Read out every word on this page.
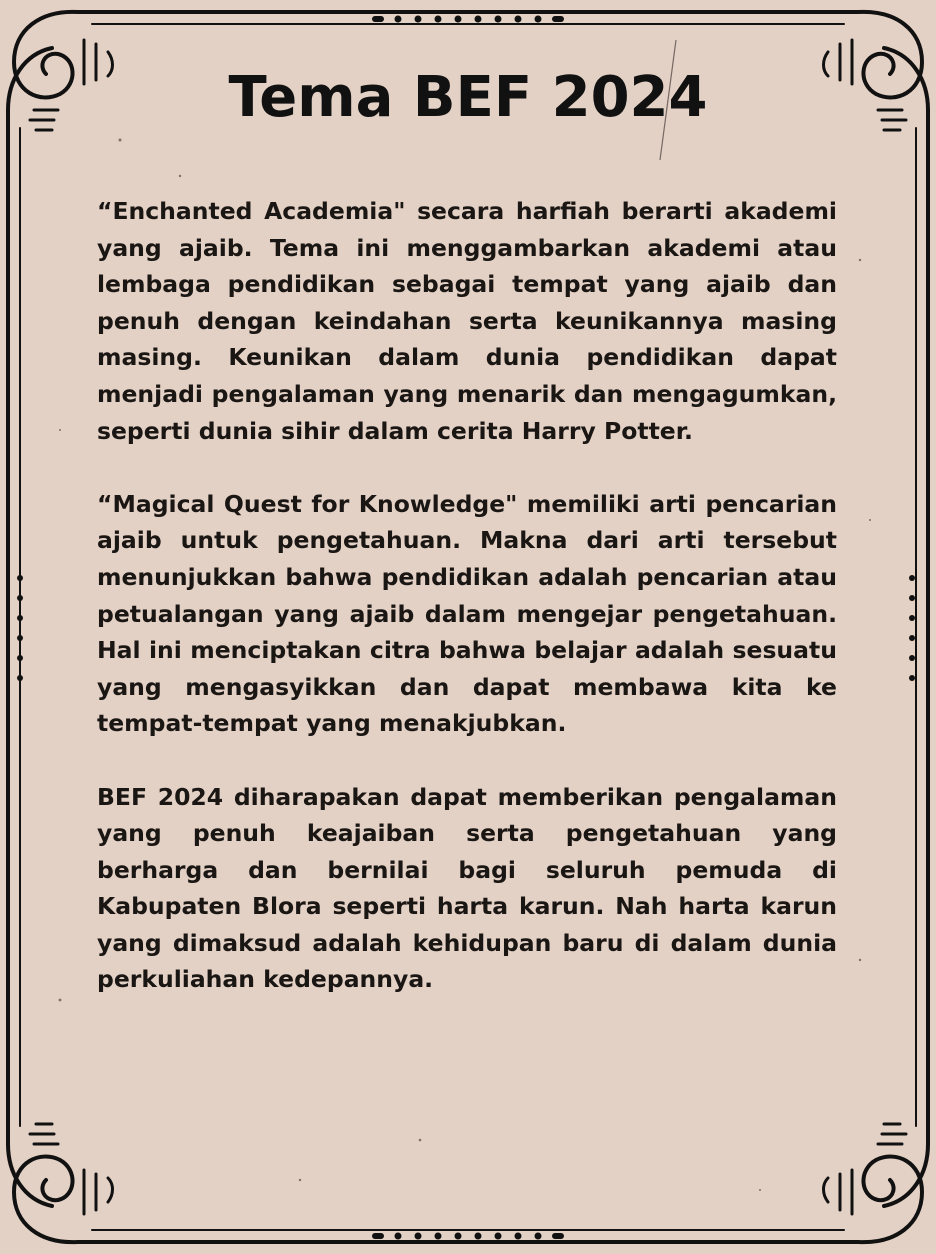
Tema BEF 2024

“Enchanted Academia" secara harfiah berarti akademi yang ajaib. Tema ini menggambarkan akademi atau lembaga pendidikan sebagai tempat yang ajaib dan penuh dengan keindahan serta keunikannya masing masing. Keunikan dalam dunia pendidikan dapat menjadi pengalaman yang menarik dan mengagumkan, seperti dunia sihir dalam cerita Harry Potter.

“Magical Quest for Knowledge" memiliki arti pencarian ajaib untuk pengetahuan. Makna dari arti tersebut menunjukkan bahwa pendidikan adalah pencarian atau petualangan yang ajaib dalam mengejar pengetahuan. Hal ini menciptakan citra bahwa belajar adalah sesuatu yang mengasyikkan dan dapat membawa kita ke tempat-tempat yang menakjubkan.

BEF 2024 diharapakan dapat memberikan pengalaman yang penuh keajaiban serta pengetahuan yang berharga dan bernilai bagi seluruh pemuda di Kabupaten Blora seperti harta karun. Nah harta karun yang dimaksud adalah kehidupan baru di dalam dunia perkuliahan kedepannya.
